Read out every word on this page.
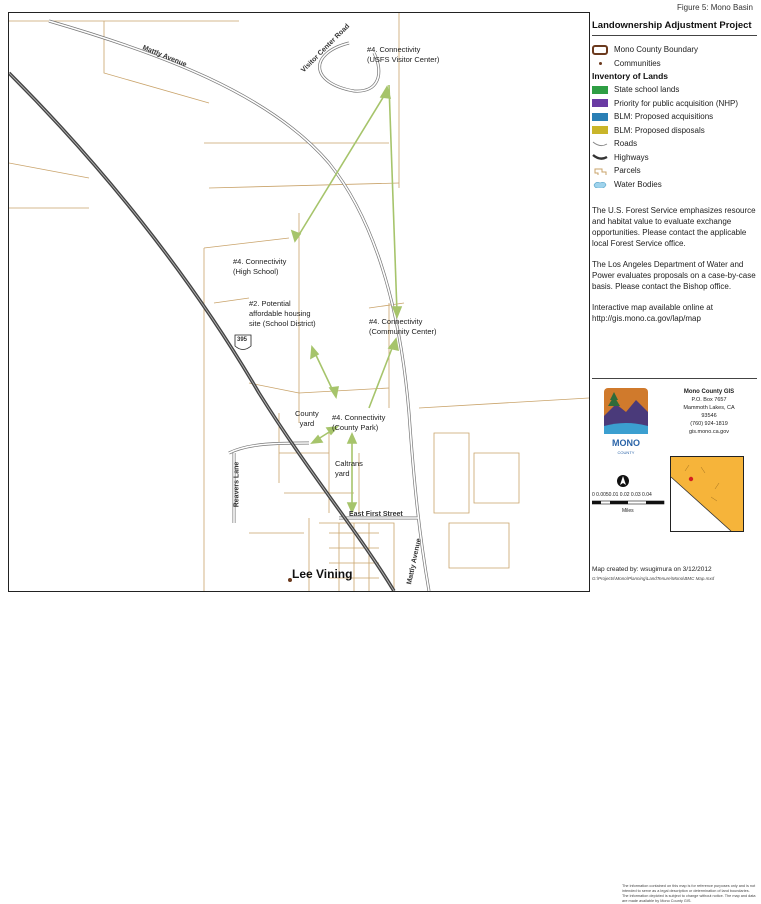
Figure 5: Mono Basin
Mattly Avenue	Visitor Center Road
Mattly Avenue
East First Street
Reavers Lane
395
#4. Connectivity
(USFS Visitor Center)
#4. Connectivity
(High School)
#2. Potential
affordable housing
site (School District)	#4. Connectivity
(Community Center)
County
yard
#4. Connectivity
(County Park)
Caltrans
yard
Lee Vining
Landownership Adjustment Project
Mono County Boundary
Communities
Inventory of Lands
State school lands
Priority for public acquisition (NHP)
BLM: Proposed acquisitions
BLM: Proposed disposals
Roads
Highways
Parcels
Water Bodies
The U.S. Forest Service emphasizes resource and habitat value to evaluate exchange opportunities. Please contact the applicable local Forest Service office.
The Los Angeles Department of Water and Power evaluates proposals on a case-by-case basis. Please contact the Bishop office.
Interactive map available online at http://gis.mono.ca.gov/lap/map
MONO
COUNTY
Mono County GIS
P.O. Box 7657
Mammoth Lakes, CA
93546
(760) 924-1819
gis.mono.ca.gov
0 0.0050.01 0.02 0.03 0.04
Miles
The information contained on this map is for reference purposes only and is not intended to serve as a legal description or determination of land boundaries. The information depicted is subject to change without notice. The map and data are made available by Mono County GIS.
Map created by: wsugimura on 3/12/2012
G:\Projects\Mono\Planning\LandTenure\Mono\BMC Map.mxd
